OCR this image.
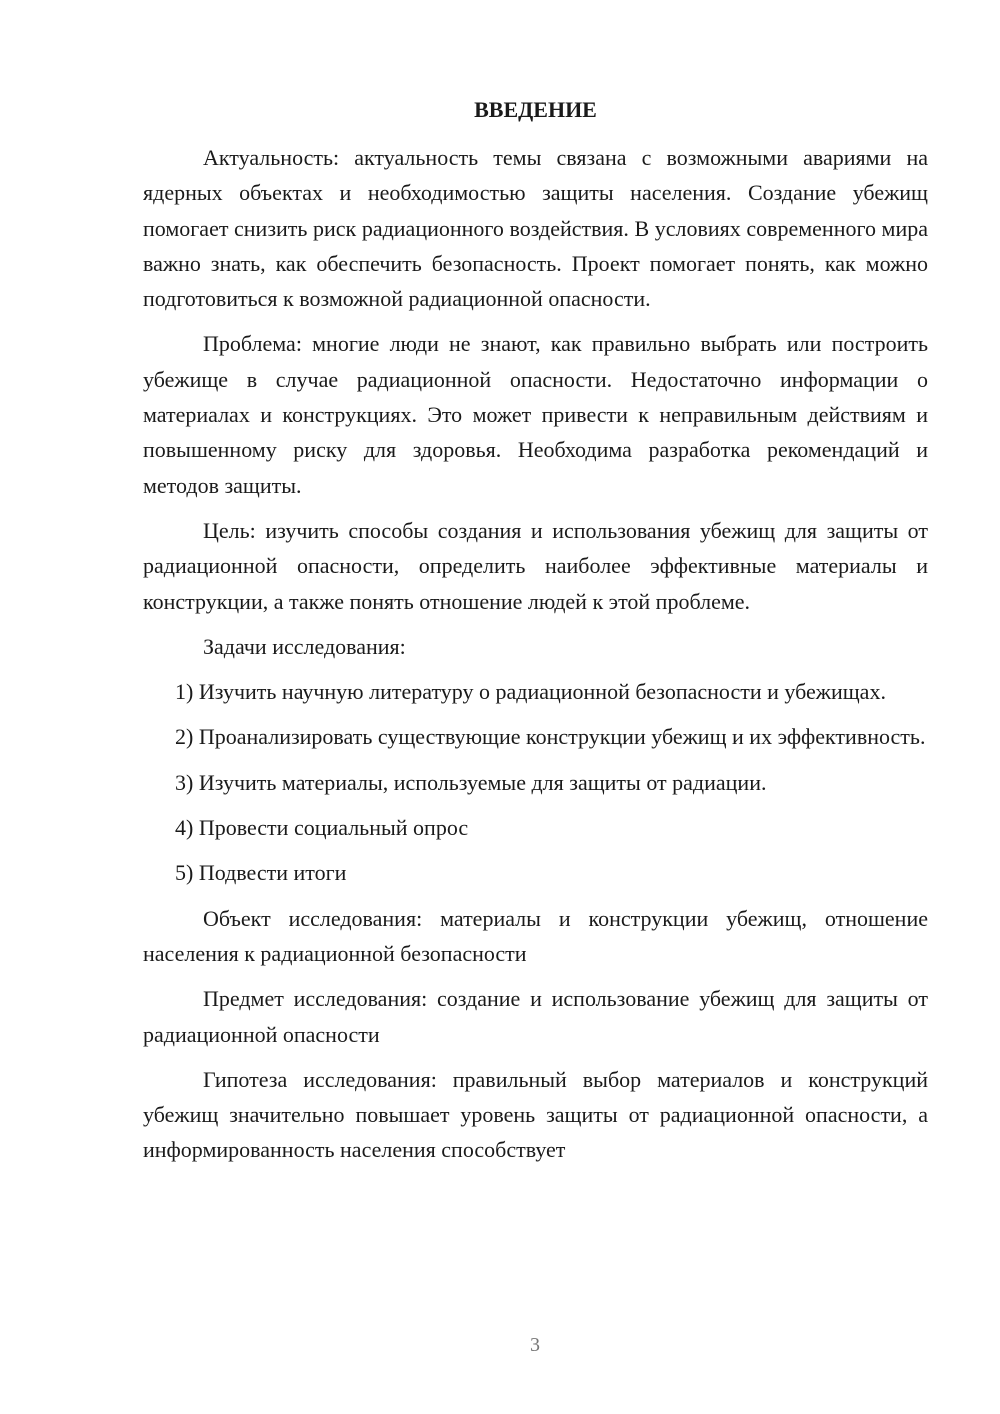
ВВЕДЕНИЕ

Актуальность: актуальность темы связана с возможными авариями на ядерных объектах и необходимостью защиты населения. Создание убежищ помогает снизить риск радиационного воздействия. В условиях современного мира важно знать, как обеспечить безопасность. Проект помогает понять, как можно подготовиться к возможной радиационной опасности.

Проблема: многие люди не знают, как правильно выбрать или построить убежище в случае радиационной опасности. Недостаточно информации о материалах и конструкциях. Это может привести к неправильным действиям и повышенному риску для здоровья. Необходима разработка рекомендаций и методов защиты.

Цель: изучить способы создания и использования убежищ для защиты от радиационной опасности, определить наиболее эффективные материалы и конструкции, а также понять отношение людей к этой проблеме.

Задачи исследования:

1) Изучить научную литературу о радиационной безопасности и убежищах.

2) Проанализировать существующие конструкции убежищ и их эффективность.

3) Изучить материалы, используемые для защиты от радиации.

4) Провести социальный опрос

5) Подвести итоги

Объект исследования: материалы и конструкции убежищ, отношение населения к радиационной безопасности

Предмет исследования: создание и использование убежищ для защиты от радиационной опасности

Гипотеза исследования: правильный выбор материалов и конструкций убежищ значительно повышает уровень защиты от радиационной опасности, а информированность населения способствует

3
